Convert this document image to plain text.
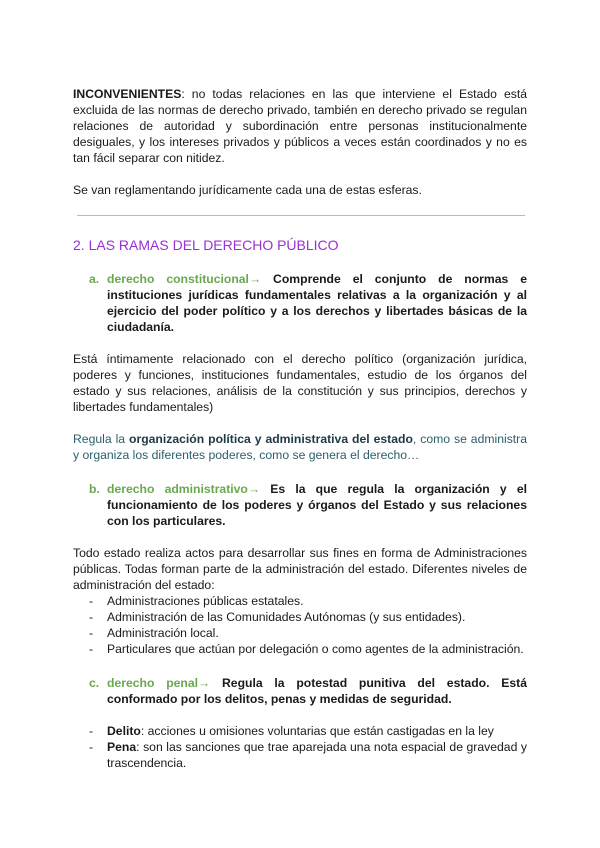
INCONVENIENTES: no todas relaciones en las que interviene el Estado está excluida de las normas de derecho privado, también en derecho privado se regulan relaciones de autoridad y subordinación entre personas institucionalmente desiguales, y los intereses privados y públicos a veces están coordinados y no es tan fácil separar con nitidez.

Se van reglamentando jurídicamente cada una de estas esferas.

2. LAS RAMAS DEL DERECHO PÚBLICO

a. derecho constitucional→ Comprende el conjunto de normas e instituciones jurídicas fundamentales relativas a la organización y al ejercicio del poder político y a los derechos y libertades básicas de la ciudadanía.

Está íntimamente relacionado con el derecho político (organización jurídica, poderes y funciones, instituciones fundamentales, estudio de los órganos del estado y sus relaciones, análisis de la constitución y sus principios, derechos y libertades fundamentales)

Regula la organización política y administrativa del estado, como se administra y organiza los diferentes poderes, como se genera el derecho…

b. derecho administrativo→ Es la que regula la organización y el funcionamiento de los poderes y órganos del Estado y sus relaciones con los particulares.

Todo estado realiza actos para desarrollar sus fines en forma de Administraciones públicas. Todas forman parte de la administración del estado. Diferentes niveles de administración del estado:

-	Administraciones públicas estatales.
-	Administración de las Comunidades Autónomas (y sus entidades).
-	Administración local.
-	Particulares que actúan por delegación o como agentes de la administración.
c. derecho penal→ Regula la potestad punitiva del estado. Está conformado por los delitos, penas y medidas de seguridad.
-	Delito: acciones u omisiones voluntarias que están castigadas en la ley
-	Pena: son las sanciones que trae aparejada una nota espacial de gravedad y trascendencia.
